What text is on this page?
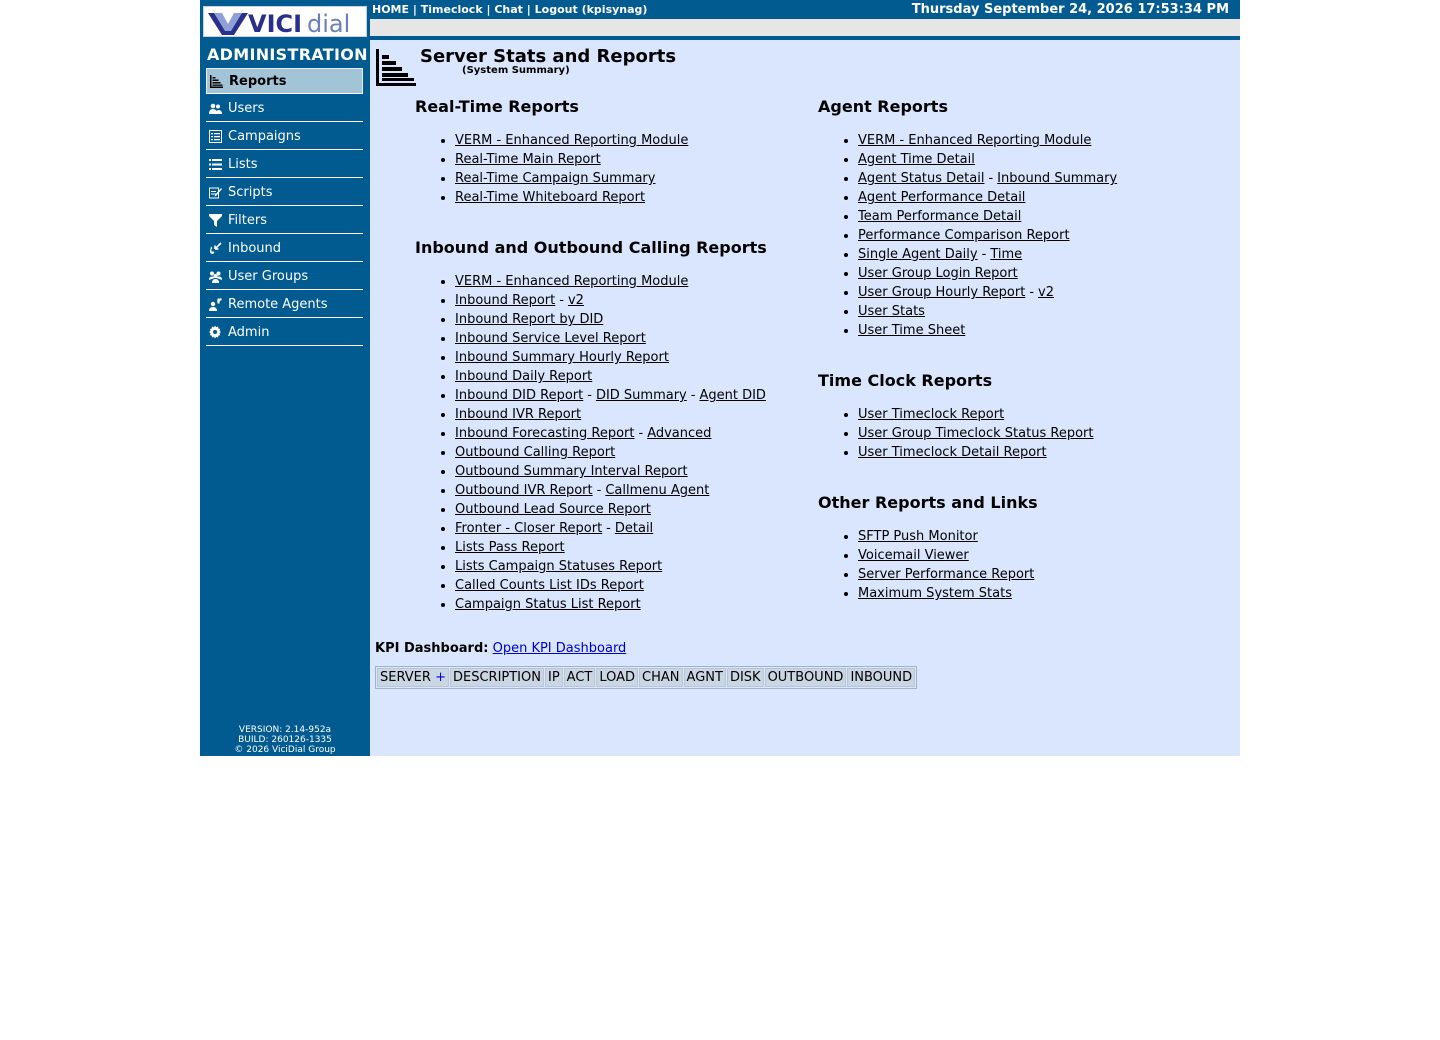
VICI dial
ADMINISTRATION
Reports
Users
Campaigns
Lists
Scripts
Filters
Inbound
User Groups
Remote Agents
Admin
VERSION: 2.14-952a
BUILD: 260126-1335
© 2026 ViciDial Group
HOME | Timeclock | Chat | Logout (kpisynag)	Thursday September 24, 2026 17:53:34 PM
Server Stats and Reports
(System Summary)
Real-Time Reports
• VERM - Enhanced Reporting Module
• Real-Time Main Report
• Real-Time Campaign Summary
• Real-Time Whiteboard Report
Inbound and Outbound Calling Reports
• VERM - Enhanced Reporting Module
• Inbound Report - v2
• Inbound Report by DID
• Inbound Service Level Report
• Inbound Summary Hourly Report
• Inbound Daily Report
• Inbound DID Report - DID Summary - Agent DID
• Inbound IVR Report
• Inbound Forecasting Report - Advanced
• Outbound Calling Report
• Outbound Summary Interval Report
• Outbound IVR Report - Callmenu Agent
• Outbound Lead Source Report
• Fronter - Closer Report - Detail
• Lists Pass Report
• Lists Campaign Statuses Report
• Called Counts List IDs Report
• Campaign Status List Report
Agent Reports
• VERM - Enhanced Reporting Module
• Agent Time Detail
• Agent Status Detail - Inbound Summary
• Agent Performance Detail
• Team Performance Detail
• Performance Comparison Report
• Single Agent Daily - Time
• User Group Login Report
• User Group Hourly Report - v2
• User Stats
• User Time Sheet
Time Clock Reports
• User Timeclock Report
• User Group Timeclock Status Report
• User Timeclock Detail Report
Other Reports and Links
• SFTP Push Monitor
• Voicemail Viewer
• Server Performance Report
• Maximum System Stats
KPI Dashboard: Open KPI Dashboard
SERVER +	DESCRIPTION	IP	ACT	LOAD	CHAN	AGNT	DISK	OUTBOUND	INBOUND
